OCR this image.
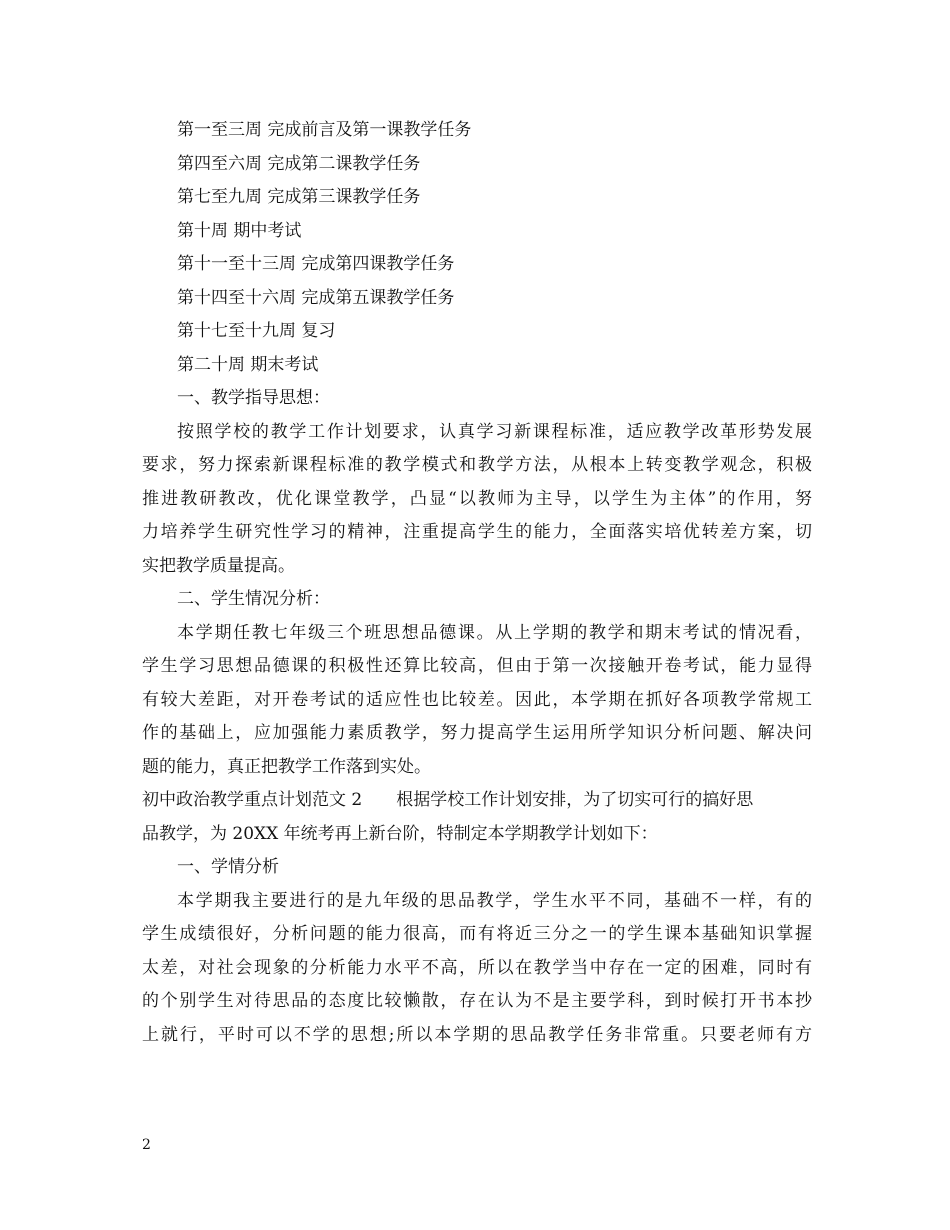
第一至三周 完成前言及第一课教学任务
第四至六周 完成第二课教学任务
第七至九周 完成第三课教学任务
第十周 期中考试
第十一至十三周 完成第四课教学任务
第十四至十六周 完成第五课教学任务
第十七至十九周 复习
第二十周 期末考试
一、教学指导思想：
按照学校的教学工作计划要求，认真学习新课程标准，适应教学改革形势发展
要求，努力探索新课程标准的教学模式和教学方法，从根本上转变教学观念，积极
推进教研教改，优化课堂教学，凸显“以教师为主导，以学生为主体”的作用，努
力培养学生研究性学习的精神，注重提高学生的能力，全面落实培优转差方案，切
实把教学质量提高。
二、学生情况分析：
本学期任教七年级三个班思想品德课。从上学期的教学和期末考试的情况看，
学生学习思想品德课的积极性还算比较高，但由于第一次接触开卷考试，能力显得
有较大差距，对开卷考试的适应性也比较差。因此，本学期在抓好各项教学常规工
作的基础上，应加强能力素质教学，努力提高学生运用所学知识分析问题、解决问
题的能力，真正把教学工作落到实处。
初中政治教学重点计划范文 2 根据学校工作计划安排，为了切实可行的搞好思
品教学，为 20XX 年统考再上新台阶，特制定本学期教学计划如下：
一、学情分析
本学期我主要进行的是九年级的思品教学，学生水平不同，基础不一样，有的
学生成绩很好，分析问题的能力很高，而有将近三分之一的学生课本基础知识掌握
太差，对社会现象的分析能力水平不高，所以在教学当中存在一定的困难，同时有
的个别学生对待思品的态度比较懒散，存在认为不是主要学科，到时候打开书本抄
上就行，平时可以不学的思想;所以本学期的思品教学任务非常重。只要老师有方
2
